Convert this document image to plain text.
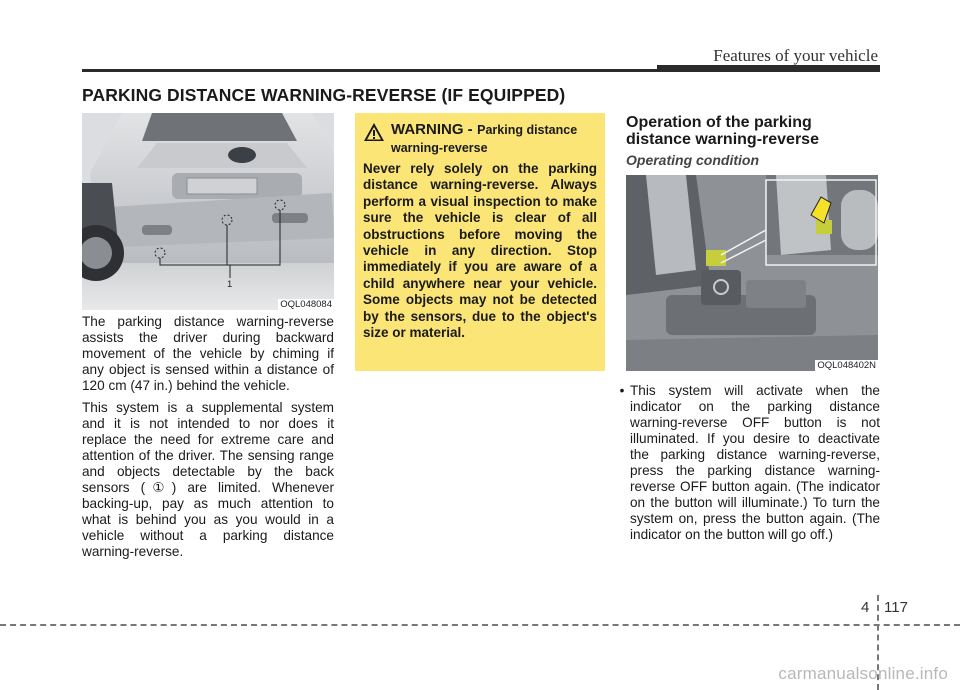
Features of your vehicle
PARKING DISTANCE WARNING-REVERSE (IF EQUIPPED)
1
OQL048084

The parking distance warning-reverse assists the driver during backward movement of the vehicle by chiming if any object is sensed within a distance of 120 cm (47 in.) behind the vehicle.

This system is a supplemental system and it is not intended to nor does it replace the need for extreme care and attention of the driver. The sensing range and objects detectable by the back sensors (①) are limited. Whenever backing-up, pay as much attention to what is behind you as you would in a vehicle without a parking distance warning-reverse.

WARNING - Parking distance warning-reverse
Never rely solely on the parking distance warning-reverse. Always perform a visual inspection to make sure the vehicle is clear of all obstructions before moving the vehicle in any direction. Stop immediately if you are aware of a child anywhere near your vehicle. Some objects may not be detected by the sensors, due to the object's size or material.
Operation of the parking distance warning-reverse
Operating condition
OQL048402N
• This system will activate when the indicator on the parking distance warning-reverse OFF button is not illuminated. If you desire to deactivate the parking distance warning-reverse, press the parking distance warning-reverse OFF button again. (The indicator on the button will illuminate.) To turn the system on, press the button again. (The indicator on the button will go off.)
4 117
carmanualsonline.info
